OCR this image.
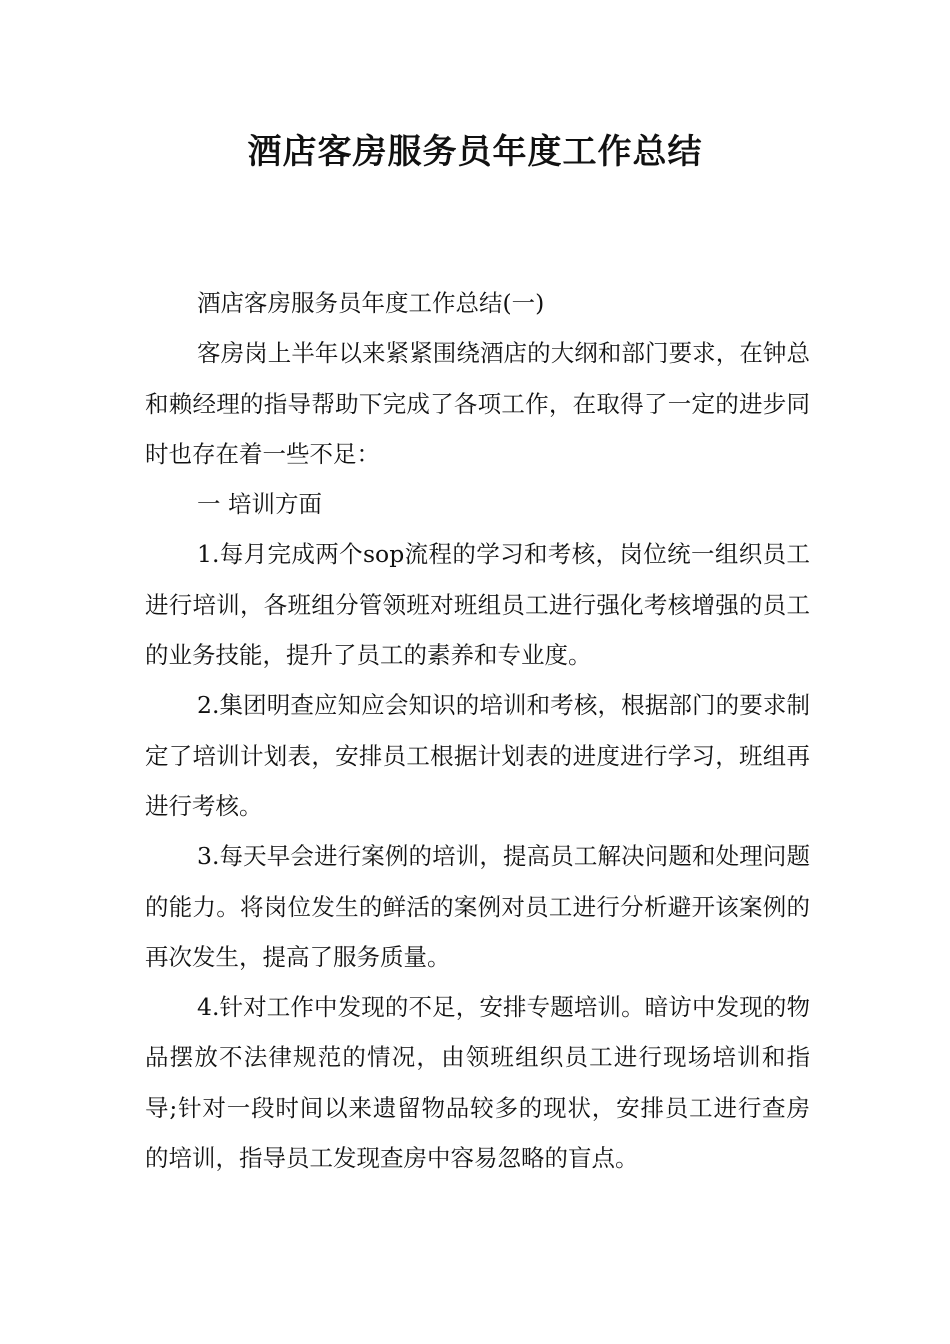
酒店客房服务员年度工作总结

酒店客房服务员年度工作总结(一)

客房岗上半年以来紧紧围绕酒店的大纲和部门要求，在钟总和赖经理的指导帮助下完成了各项工作，在取得了一定的进步同时也存在着一些不足：

一 培训方面

1.每月完成两个sop流程的学习和考核，岗位统一组织员工进行培训，各班组分管领班对班组员工进行强化考核增强的员工的业务技能，提升了员工的素养和专业度。

2.集团明查应知应会知识的培训和考核，根据部门的要求制定了培训计划表，安排员工根据计划表的进度进行学习，班组再进行考核。

3.每天早会进行案例的培训，提高员工解决问题和处理问题的能力。将岗位发生的鲜活的案例对员工进行分析避开该案例的再次发生，提高了服务质量。

4.针对工作中发现的不足，安排专题培训。暗访中发现的物品摆放不法律规范的情况，由领班组织员工进行现场培训和指导;针对一段时间以来遗留物品较多的现状，安排员工进行查房的培训，指导员工发现查房中容易忽略的盲点。
